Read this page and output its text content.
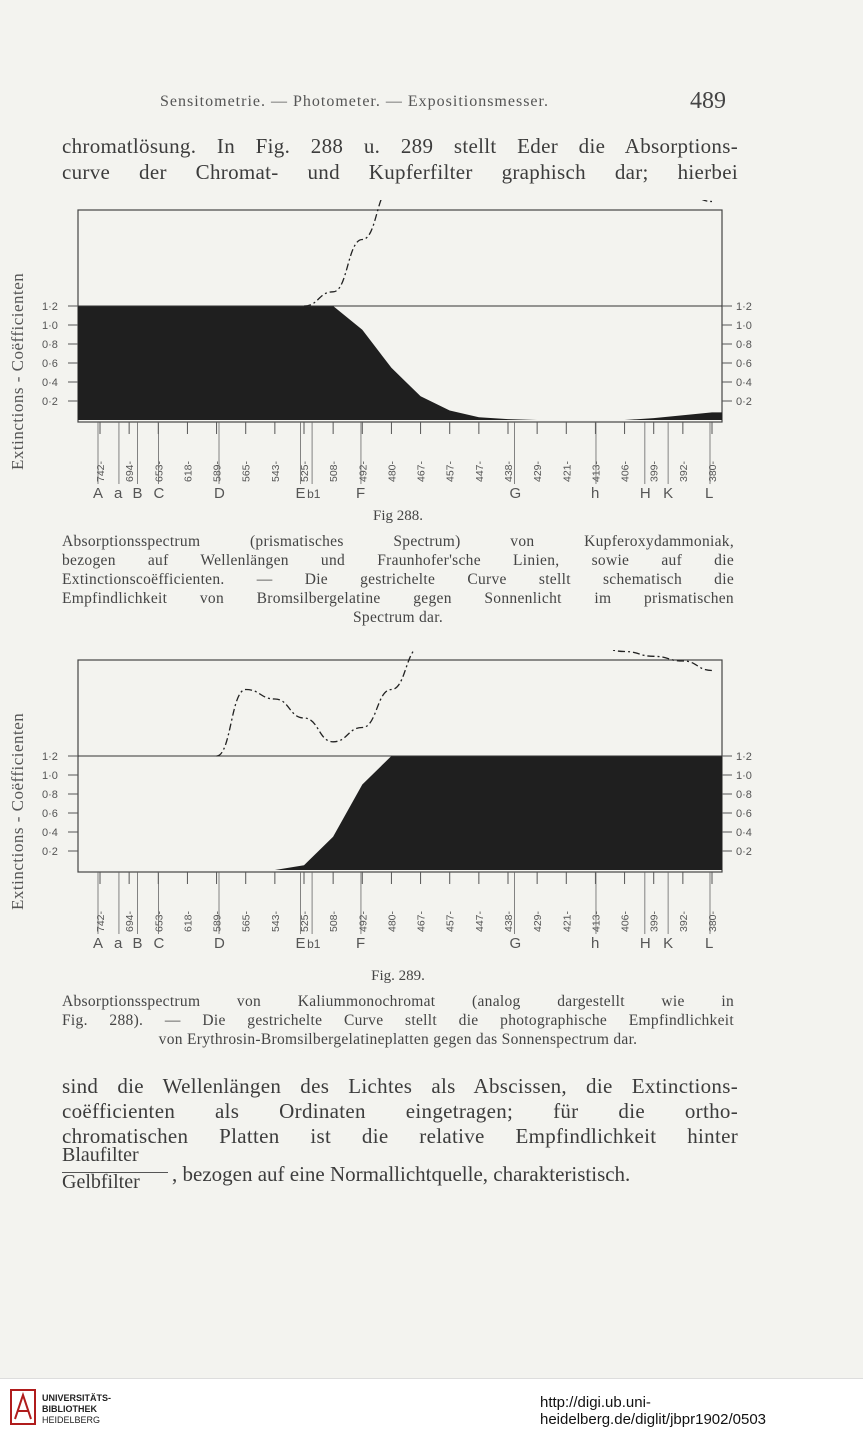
Sensitometrie. — Photometer. — Expositionsmesser.	489
chromatlösung. In Fig. 288 u. 289 stellt Eder die Absorptions-
curve der Chromat- und Kupferfilter graphisch dar; hierbei
Extinctions - Coëfficienten
Extinctions - Coëfficienten
1·2	1·2
1·0	1·0
0·8	0·8
0·6	0·6
0·4	0·4
0·2	0·2
742- 694- 653- 618- 589- 565- 543- 525- 508- 492- 480- 467- 457- 447- 438- 429- 421- 413- 406- 399- 392- 380-
A a B C	D	E b1 F	G	h	H K L
Fig 288.
Absorptionsspectrum (prismatisches Spectrum) von Kupferoxydammoniak,
bezogen auf Wellenlängen und Fraunhofer'sche Linien, sowie auf die
Extinctionscoëfficienten. — Die gestrichelte Curve stellt schematisch die
Empfindlichkeit von Bromsilbergelatine gegen Sonnenlicht im prismatischen
Spectrum dar.
1·2	1·2
1·0	1·0
0·8	0·8
0·6	0·6
0·4	0·4
0·2	0·2
742- 694- 653- 618- 589- 565- 543- 525- 508- 492- 480- 467- 457- 447- 438- 429- 421- 413- 406- 399- 392- 380-
A a B C	D	E b1 F	G	h	H K L
Fig. 289.
Absorptionsspectrum von Kaliummonochromat (analog dargestellt wie in
Fig. 288). — Die gestrichelte Curve stellt die photographische Empfindlichkeit
von Erythrosin-Bromsilbergelatineplatten gegen das Sonnenspectrum dar.
sind die Wellenlängen des Lichtes als Abscissen, die Extinctions-
coëfficienten als Ordinaten eingetragen; für die ortho-
chromatischen Platten ist die relative Empfindlichkeit hinter
Blaufilter
Gelbfilter , bezogen auf eine Normallichtquelle, charakteristisch.
UNIVERSITÄTS-
BIBLIOTHEK
HEIDELBERG
http://digi.ub.uni-heidelberg.de/diglit/jbpr1902/0503
